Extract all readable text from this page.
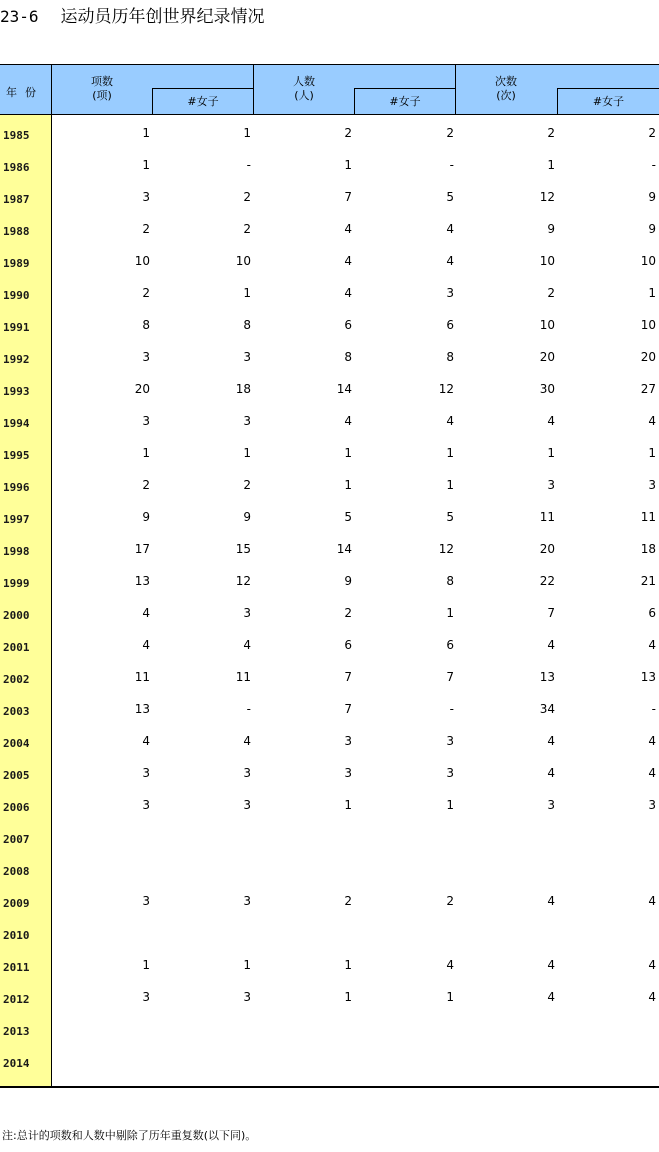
23-6 运动员历年创世界纪录情况
年份
项数
(项)	#女子
人数
(人)	#女子
次数
(次)	#女子
1985	1	1	2	2	2	2
1986	1	-	1	-	1	-
1987	3	2	7	5	12	9
1988	2	2	4	4	9	9
1989	10	10	4	4	10	10
1990	2	1	4	3	2	1
1991	8	8	6	6	10	10
1992	3	3	8	8	20	20
1993	20	18	14	12	30	27
1994	3	3	4	4	4	4
1995	1	1	1	1	1	1
1996	2	2	1	1	3	3
1997	9	9	5	5	11	11
1998	17	15	14	12	20	18
1999	13	12	9	8	22	21
2000	4	3	2	1	7	6
2001	4	4	6	6	4	4
2002	11	11	7	7	13	13
2003	13	-	7	-	34	-
2004	4	4	3	3	4	4
2005	3	3	3	3	4	4
2006	3	3	1	1	3	3
2007
2008
2009	3	3	2	2	4	4
2010
2011	1	1	1	4	4	4
2012	3	3	1	1	4	4
2013
2014
注:总计的项数和人数中剔除了历年重复数(以下同)。
